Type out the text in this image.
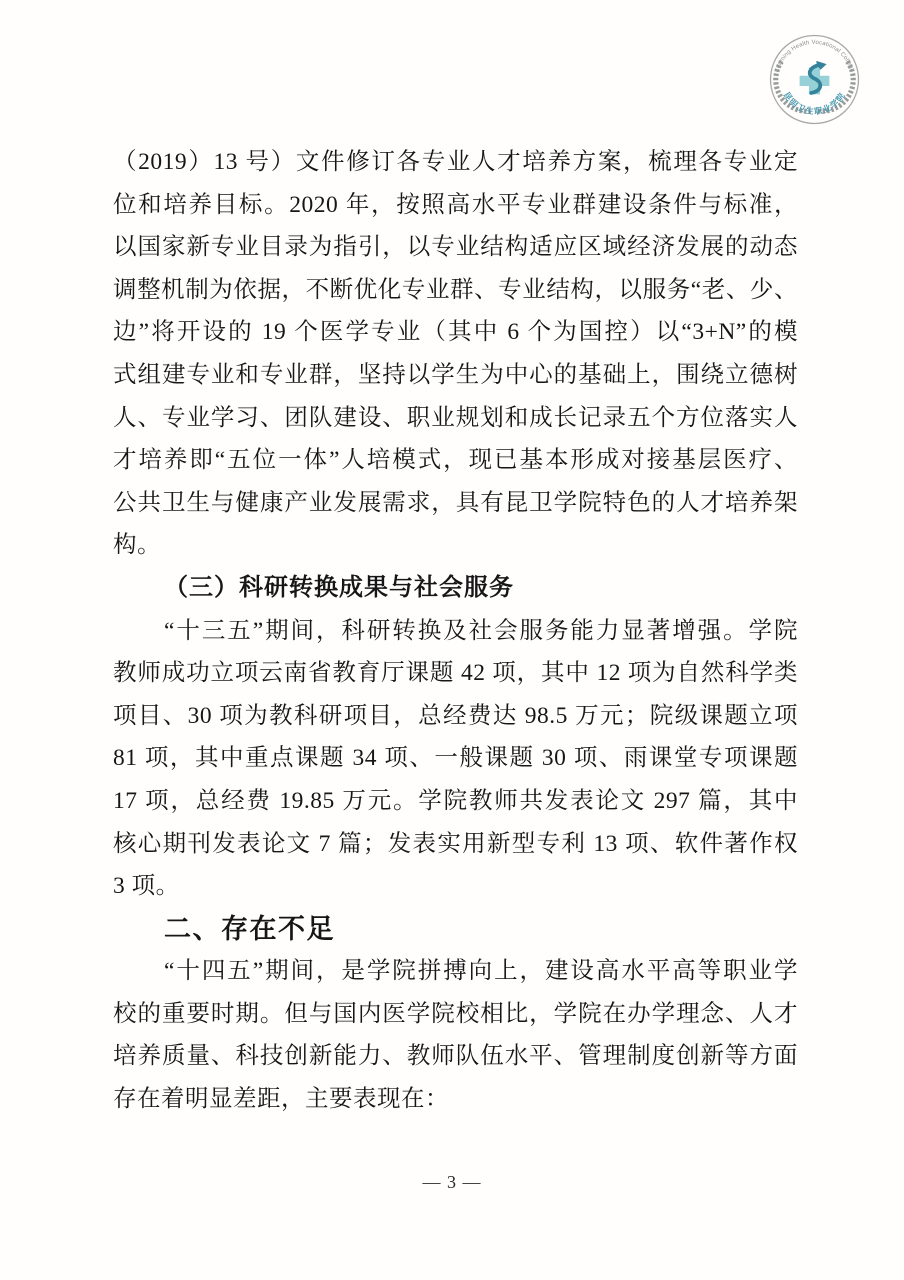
Kunming Health Vocational College
昆明卫生职业学院
（2019）13 号）文件修订各专业人才培养方案，梳理各专业定
位和培养目标。2020 年，按照高水平专业群建设条件与标准，
以国家新专业目录为指引，以专业结构适应区域经济发展的动态
调整机制为依据，不断优化专业群、专业结构，以服务“老、少、
边”将开设的 19 个医学专业（其中 6 个为国控）以“3+N”的模
式组建专业和专业群，坚持以学生为中心的基础上，围绕立德树
人、专业学习、团队建设、职业规划和成长记录五个方位落实人
才培养即“五位一体”人培模式，现已基本形成对接基层医疗、
公共卫生与健康产业发展需求，具有昆卫学院特色的人才培养架
构。
（三）科研转换成果与社会服务
“十三五”期间，科研转换及社会服务能力显著增强。学院
教师成功立项云南省教育厅课题 42 项，其中 12 项为自然科学类
项目、30 项为教科研项目，总经费达 98.5 万元；院级课题立项
81 项，其中重点课题 34 项、一般课题 30 项、雨课堂专项课题
17 项，总经费 19.85 万元。学院教师共发表论文 297 篇，其中
核心期刊发表论文 7 篇；发表实用新型专利 13 项、软件著作权
3 项。
二、存在不足
“十四五”期间，是学院拼搏向上，建设高水平高等职业学
校的重要时期。但与国内医学院校相比，学院在办学理念、人才
培养质量、科技创新能力、教师队伍水平、管理制度创新等方面
存在着明显差距，主要表现在：
— 3 —
